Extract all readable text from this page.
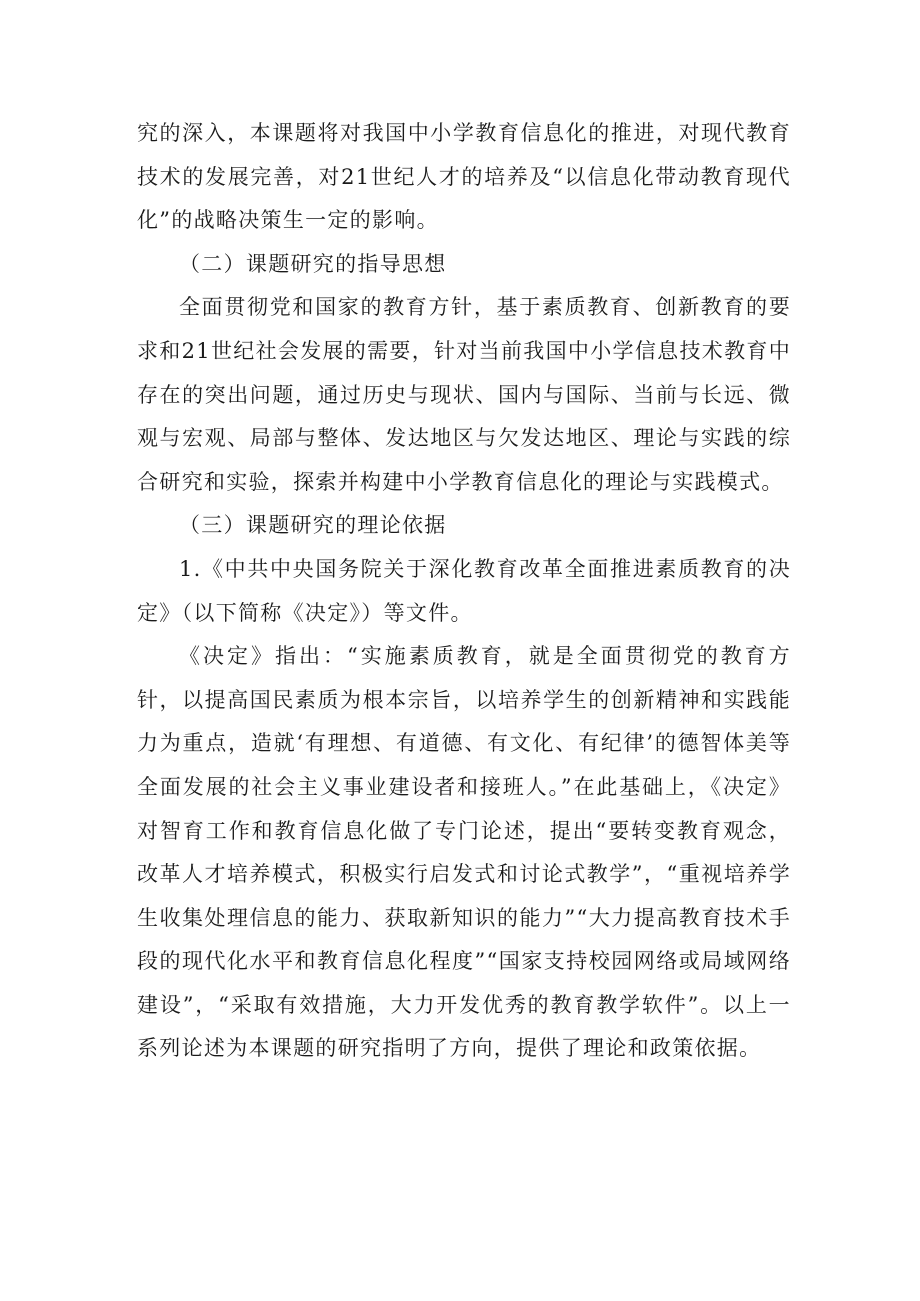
究的深入，本课题将对我国中小学教育信息化的推进，对现代教育技术的发展完善，对21世纪人才的培养及“以信息化带动教育现代化”的战略决策生一定的影响。

（二）课题研究的指导思想

全面贯彻党和国家的教育方针，基于素质教育、创新教育的要求和21世纪社会发展的需要，针对当前我国中小学信息技术教育中存在的突出问题，通过历史与现状、国内与国际、当前与长远、微观与宏观、局部与整体、发达地区与欠发达地区、理论与实践的综合研究和实验，探索并构建中小学教育信息化的理论与实践模式。

（三）课题研究的理论依据

1.《中共中央国务院关于深化教育改革全面推进素质教育的决定》（以下简称《决定》）等文件。

《决定》指出：“实施素质教育，就是全面贯彻党的教育方针，以提高国民素质为根本宗旨，以培养学生的创新精神和实践能力为重点，造就‘有理想、有道德、有文化、有纪律’的德智体美等全面发展的社会主义事业建设者和接班人。”在此基础上，《决定》对智育工作和教育信息化做了专门论述，提出“要转变教育观念，改革人才培养模式，积极实行启发式和讨论式教学”，“重视培养学生收集处理信息的能力、获取新知识的能力”“大力提高教育技术手段的现代化水平和教育信息化程度”“国家支持校园网络或局域网络建设”，“采取有效措施，大力开发优秀的教育教学软件”。以上一系列论述为本课题的研究指明了方向，提供了理论和政策依据。
